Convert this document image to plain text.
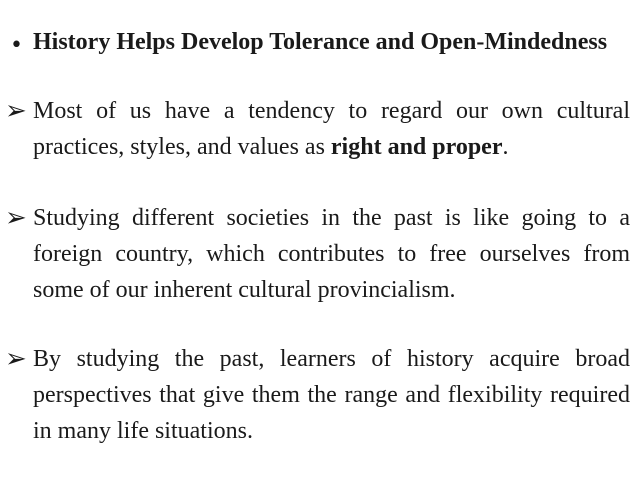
• History Helps Develop Tolerance and Open-Mindedness
➢ Most of us have a tendency to regard our own cultural practices, styles, and values as right and proper.
➢ Studying different societies in the past is like going to a foreign country, which contributes to free ourselves from some of our inherent cultural provincialism.
➢ By studying the past, learners of history acquire broad perspectives that give them the range and flexibility required in many life situations.
